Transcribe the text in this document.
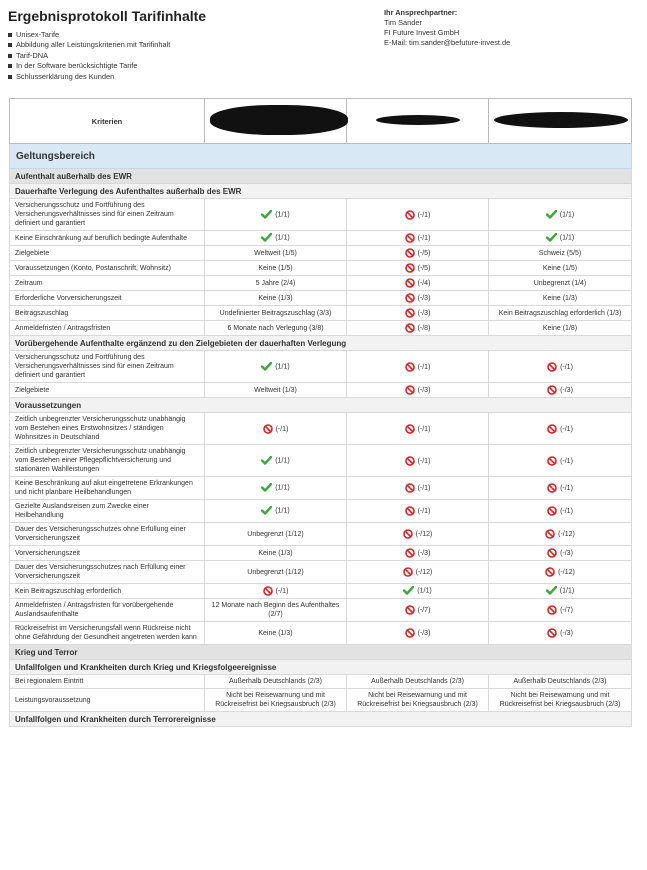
Ergebnisprotokoll Tarifinhalte
Unisex-Tarife
Abbildung aller Leistungskriterien mit Tarifinhalt
Tarif-DNA
In der Software berücksichtigte Tarife
Schlusserklärung des Kunden
Ihr Ansprechpartner:
Tim Sander
FI Future Invest GmbH
E-Mail: tim.sander@befuture-invest.de
Kriterien			
Geltungsbereich			
Aufenthalt außerhalb des EWR			
Dauerhafte Verlegung des Aufenthaltes außerhalb des EWR			
Versicherungsschutz und Fortführung des Versicherungsverhältnisses sind für einen Zeitraum definiert und garantiert	(1/1)	(-/1)	(1/1)
Keine Einschränkung auf beruflich bedingte Aufenthalte	(1/1)	(-/1)	(1/1)
Zielgebiete	Weltweit (1/5)	(-/5)	Schweiz (5/5)
Voraussetzungen (Konto, Postanschrift, Wohnsitz)	Keine (1/5)	(-/5)	Keine (1/5)
Zeitraum	5 Jahre (2/4)	(-/4)	Unbegrenzt (1/4)
Erforderliche Vorversicherungszeit	Keine (1/3)	(-/3)	Keine (1/3)
Beitragszuschlag	Undefinierter Beitragszuschlag (3/3)	(-/3)	Kein Beitragszuschlag erforderlich (1/3)
Anmeldefristen / Antragsfristen	6 Monate nach Verlegung (3/8)	(-/8)	Keine (1/8)
Vorübergehende Aufenthalte ergänzend zu den Zielgebieten der dauerhaften Verlegung			
Versicherungsschutz und Fortführung des Versicherungsverhältnisses sind für einen Zeitraum definiert und garantiert	(1/1)	(-/1)	(-/1)
Zielgebiete	Weltweit (1/3)	(-/3)	(-/3)
Voraussetzungen			
Zeitlich unbegrenzter Versicherungsschutz unabhängig vom Bestehen eines Erstwohnsitzes / ständigen Wohnsitzes in Deutschland	(-/1)	(-/1)	(-/1)
Zeitlich unbegrenzter Versicherungsschutz unabhängig vom Bestehen einer Pflegepflichtversicherung und stationären Wahlleistungen	(1/1)	(-/1)	(-/1)
Keine Beschränkung auf akut eingetretene Erkrankungen und nicht planbare Heilbehandlungen	(1/1)	(-/1)	(-/1)
Gezielte Auslandsreisen zum Zwecke einer Heilbehandlung	(1/1)	(-/1)	(-/1)
Dauer des Versicherungsschutzes ohne Erfüllung einer Vorversicherungszeit	Unbegrenzt (1/12)	(-/12)	(-/12)
Vorversicherungszeit	Keine (1/3)	(-/3)	(-/3)
Dauer des Versicherungsschutzes nach Erfüllung einer Vorversicherungszeit	Unbegrenzt (1/12)	(-/12)	(-/12)
Kein Beitragszuschlag erforderlich	(-/1)	(1/1)	(1/1)
Anmeldefristen / Antragsfristen für vorübergehende Auslandsaufenthalte	12 Monate nach Beginn des Aufenthaltes (2/7)	(-/7)	(-/7)
Rückreisefrist im Versicherungsfall wenn Rückreise nicht ohne Gefährdung der Gesundheit angetreten werden kann	Keine (1/3)	(-/3)	(-/3)
Krieg und Terror			
Unfallfolgen und Krankheiten durch Krieg und Kriegsfolgeereignisse			
Bei regionalem Eintritt	Außerhalb Deutschlands (2/3)	Außerhalb Deutschlands (2/3)	Außerhalb Deutschlands (2/3)
Leistungsvoraussetzung	Nicht bei Reisewarnung und mit Rückreisefrist bei Kriegsausbruch (2/3)	Nicht bei Reisewarnung und mit Rückreisefrist bei Kriegsausbruch (2/3)	Nicht bei Reisewarnung und mit Rückreisefrist bei Kriegsausbruch (2/3)
Unfallfolgen und Krankheiten durch Terrorereignisse			
